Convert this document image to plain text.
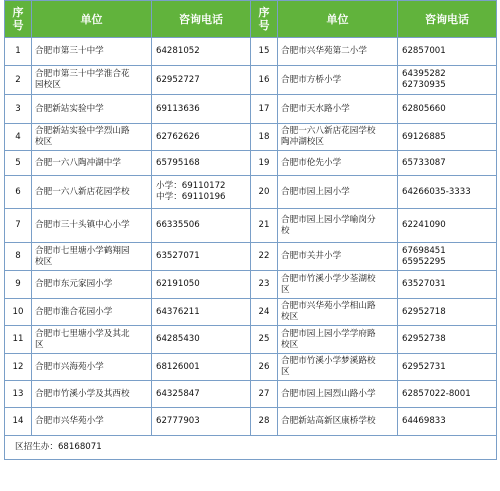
序号	单位	咨询电话	序号	单位	咨询电话
1	合肥市第三十中学	64281052	15	合肥市兴华苑第二小学	62857001
2	合肥市第三十中学淮合花
园校区	62952727	16	合肥市方桥小学	64395282
62730935
3	合肥新站实验中学	69113636	17	合肥市天水路小学	62805660
4	合肥新站实验中学烈山路
校区	62762626	18	合肥一六八新店花园学校
陶冲湖校区	69126885
5	合肥一六八陶冲湖中学	65795168	19	合肥市伦先小学	65733087
6	合肥一六八新店花园学校	小学：69110172
中学：69110196	20	合肥市园上园小学	64266035-3333
7	合肥市三十头镇中心小学	66335506	21	合肥市园上园小学喻岗分
校	62241090
8	合肥市七里塘小学鹤翔园
校区	63527071	22	合肥市关井小学	67698451
65952295
9	合肥市东元家园小学	62191050	23	合肥市竹溪小学少荃湖校
区	63527031
10	合肥市淮合花园小学	64376211	24	合肥市兴华苑小学相山路
校区	62952718
11	合肥市七里塘小学及其北
区	64285430	25	合肥市园上园小学学府路
校区	62952738
12	合肥市兴海苑小学	68126001	26	合肥市竹溪小学梦溪路校
区	62952731
13	合肥市竹溪小学及其西校	64325847	27	合肥市园上园烈山路小学	62857022-8001
14	合肥市兴华苑小学	62777903	28	合肥新站高新区康桥学校	64469833
区招生办：68168071					
